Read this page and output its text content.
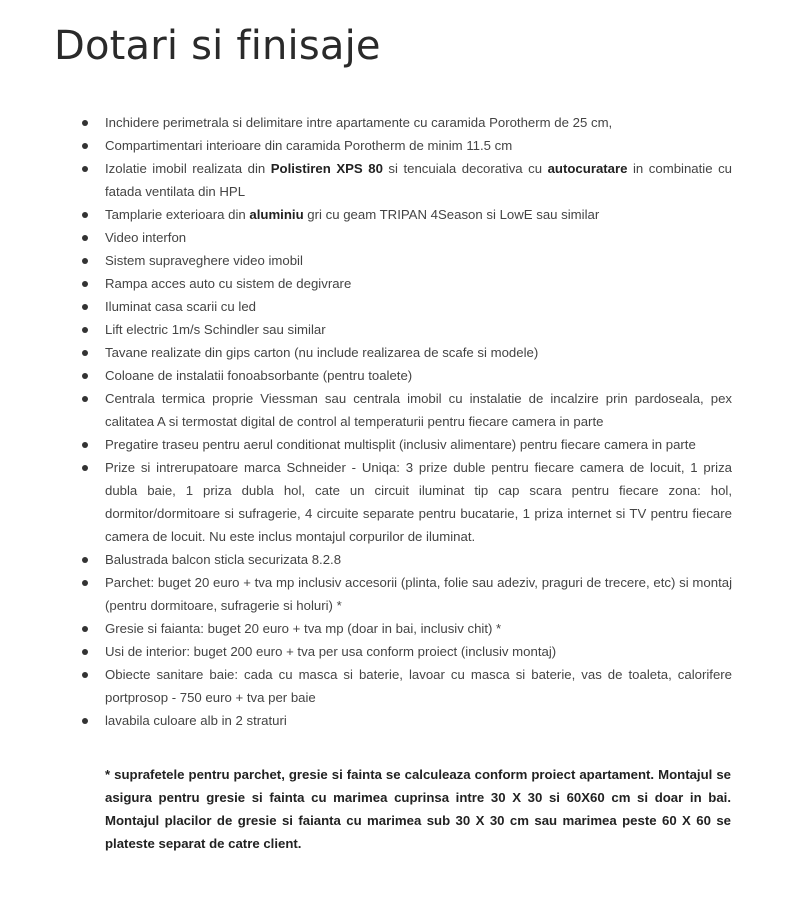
Dotari si finisaje
Inchidere perimetrala si delimitare intre apartamente cu caramida Porotherm de 25 cm,
Compartimentari interioare din caramida Porotherm de minim 11.5 cm
Izolatie imobil realizata din Polistiren XPS 80 si tencuiala decorativa cu autocuratare in combinatie cu fatada ventilata din HPL
Tamplarie exterioara din aluminiu gri cu geam TRIPAN 4Season si LowE sau similar
Video interfon
Sistem supraveghere video imobil
Rampa acces auto cu sistem de degivrare
Iluminat casa scarii cu led
Lift electric 1m/s Schindler sau similar
Tavane realizate din gips carton (nu include realizarea de scafe si modele)
Coloane de instalatii fonoabsorbante (pentru toalete)
Centrala termica proprie Viessman sau centrala imobil cu instalatie de incalzire prin pardoseala, pex calitatea A si termostat digital de control al temperaturii pentru fiecare camera in parte
Pregatire traseu pentru aerul conditionat multisplit (inclusiv alimentare) pentru fiecare camera in parte
Prize si intrerupatoare marca Schneider - Uniqa: 3 prize duble pentru fiecare camera de locuit, 1 priza dubla baie, 1 priza dubla hol, cate un circuit iluminat tip cap scara pentru fiecare zona: hol, dormitor/dormitoare si sufragerie, 4 circuite separate pentru bucatarie, 1 priza internet si TV pentru fiecare camera de locuit. Nu este inclus montajul corpurilor de iluminat.
Balustrada balcon sticla securizata 8.2.8
Parchet: buget 20 euro + tva mp inclusiv accesorii (plinta, folie sau adeziv, praguri de trecere, etc) si montaj (pentru dormitoare, sufragerie si holuri) *
Gresie si faianta: buget 20 euro + tva mp (doar in bai, inclusiv chit) *
Usi de interior: buget 200 euro + tva per usa conform proiect (inclusiv montaj)
Obiecte sanitare baie: cada cu masca si baterie, lavoar cu masca si baterie, vas de toaleta, calorifere portprosop - 750 euro + tva per baie
lavabila culoare alb in 2 straturi

* suprafetele pentru parchet, gresie si fainta se calculeaza conform proiect apartament. Montajul se asigura pentru gresie si fainta cu marimea cuprinsa intre 30 X 30 si 60X60 cm si doar in bai. Montajul placilor de gresie si faianta cu marimea sub 30 X 30 cm sau marimea peste 60 X 60 se plateste separat de catre client.
